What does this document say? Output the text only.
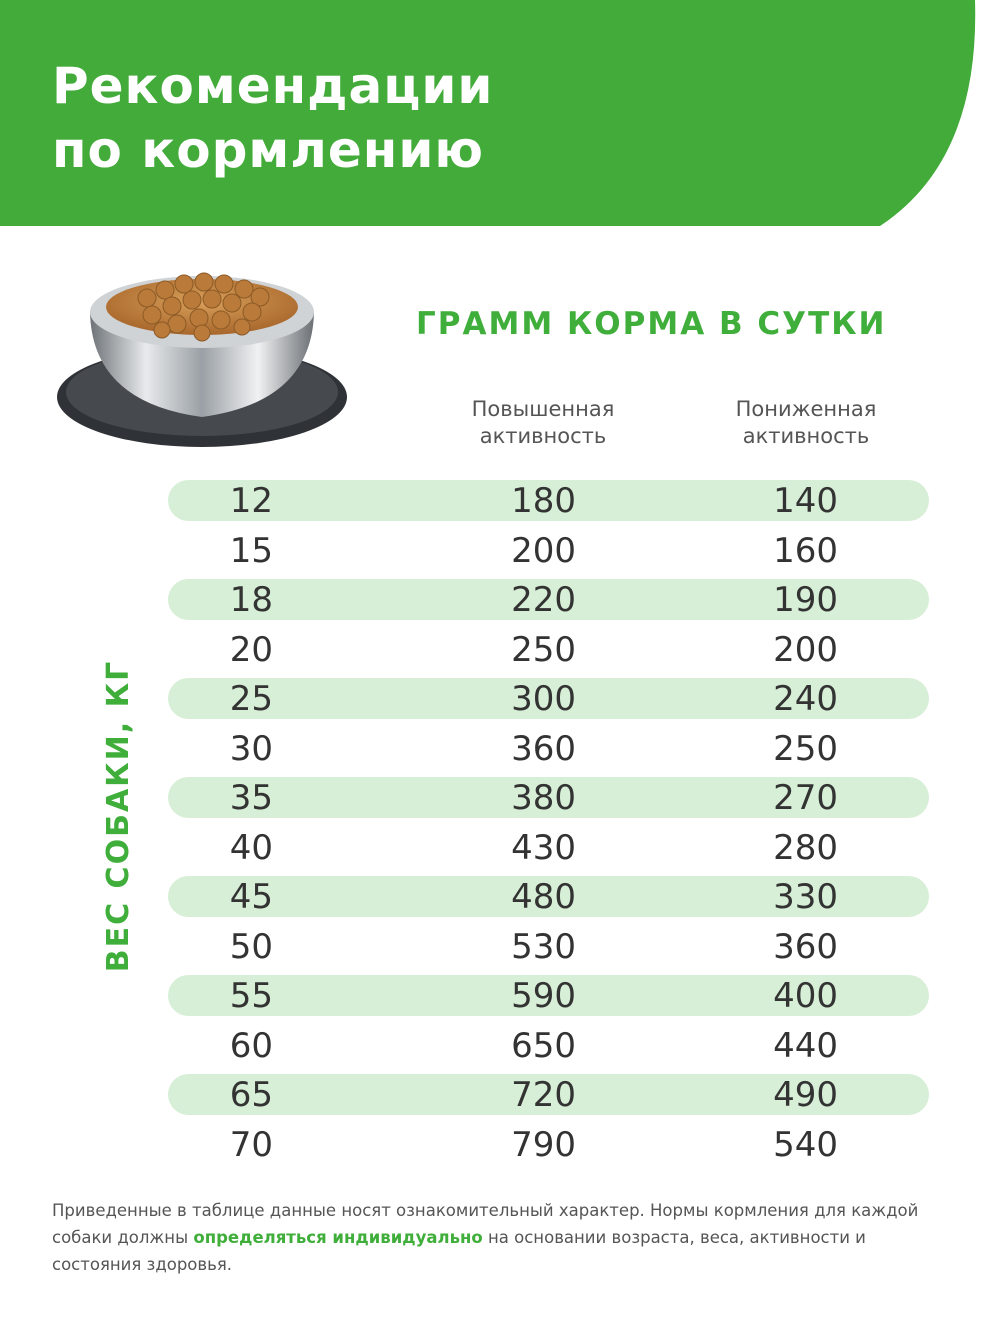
Рекомендации
по кормлению
ГРАММ КОРМА В СУТКИ
Повышенная
активность
Пониженная
активность
ВЕС СОБАКИ, КГ
12	180	140
15	200	160
18	220	190
20	250	200
25	300	240
30	360	250
35	380	270
40	430	280
45	480	330
50	530	360
55	590	400
60	650	440
65	720	490
70	790	540

Приведенные в таблице данные носят ознакомительный характер. Нормы кормления для каждой собаки должны определяться индивидуально на основании возраста, веса, активности и состояния здоровья.
